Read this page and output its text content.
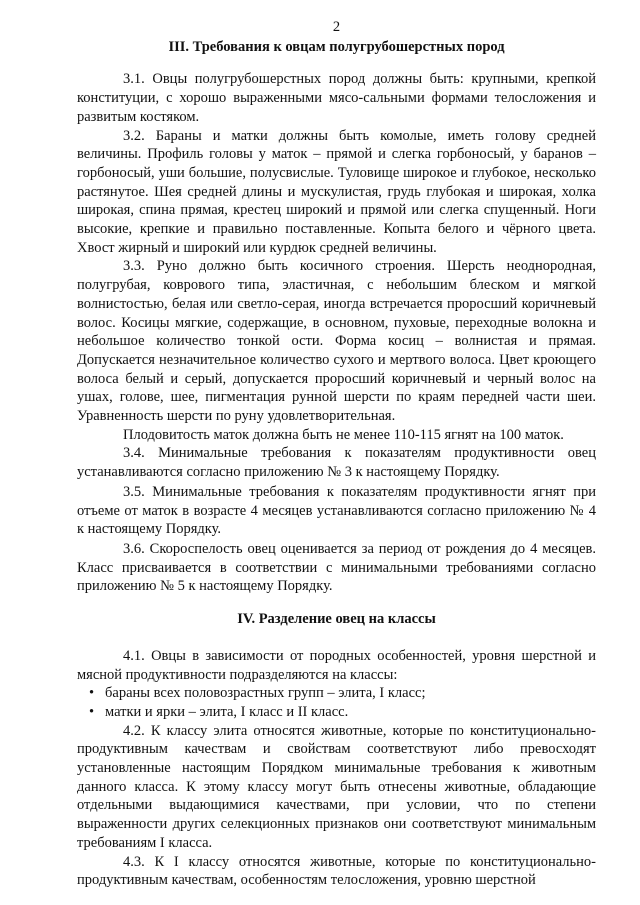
2
III. Требования к овцам полугрубошерстных пород

3.1. Овцы полугрубошерстных пород должны быть: крупными, крепкой конституции, с хорошо выраженными мясо-сальными формами телосложения и развитым костяком.

3.2. Бараны и матки должны быть комолые, иметь голову средней величины. Профиль головы у маток – прямой и слегка горбоносый, у баранов – горбоносый, уши большие, полусвислые. Туловище широкое и глубокое, несколько растянутое. Шея средней длины и мускулистая, грудь глубокая и широкая, холка широкая, спина прямая, крестец широкий и прямой или слегка спущенный. Ноги высокие, крепкие и правильно поставленные. Копыта белого и чёрного цвета. Хвост жирный и широкий или курдюк средней величины.

3.3. Руно должно быть косичного строения. Шерсть неоднородная, полугрубая, коврового типа, эластичная, с небольшим блеском и мягкой волнистостью, белая или светло-серая, иногда встречается проросший коричневый волос. Косицы мягкие, содержащие, в основном, пуховые, переходные волокна и небольшое количество тонкой ости. Форма косиц – волнистая и прямая. Допускается незначительное количество сухого и мертвого волоса. Цвет кроющего волоса белый и серый, допускается проросший коричневый и черный волос на ушах, голове, шее, пигментация рунной шерсти по краям передней части шеи. Уравненность шерсти по руну удовлетворительная.

Плодовитость маток должна быть не менее 110-115 ягнят на 100 маток.

3.4. Минимальные требования к показателям продуктивности овец устанавливаются согласно приложению № 3 к настоящему Порядку.

3.5. Минимальные требования к показателям продуктивности ягнят при отъеме от маток в возрасте 4 месяцев устанавливаются согласно приложению № 4 к настоящему Порядку.

3.6. Скороспелость овец оценивается за период от рождения до 4 месяцев. Класс присваивается в соответствии с минимальными требованиями согласно приложению № 5 к настоящему Порядку.

IV. Разделение овец на классы

4.1. Овцы в зависимости от породных особенностей, уровня шерстной и мясной продуктивности подразделяются на классы:

• бараны всех половозрастных групп – элита, I класс;
• матки и ярки – элита, I класс и II класс.

4.2. К классу элита относятся животные, которые по конституционально-продуктивным качествам и свойствам соответствуют либо превосходят установленные настоящим Порядком минимальные требования к животным данного класса. К этому классу могут быть отнесены животные, обладающие отдельными выдающимися качествами, при условии, что по степени выраженности других селекционных признаков они соответствуют минимальным требованиям I класса.

4.3. К I классу относятся животные, которые по конституционально-продуктивным качествам, особенностям телосложения, уровню шерстной
